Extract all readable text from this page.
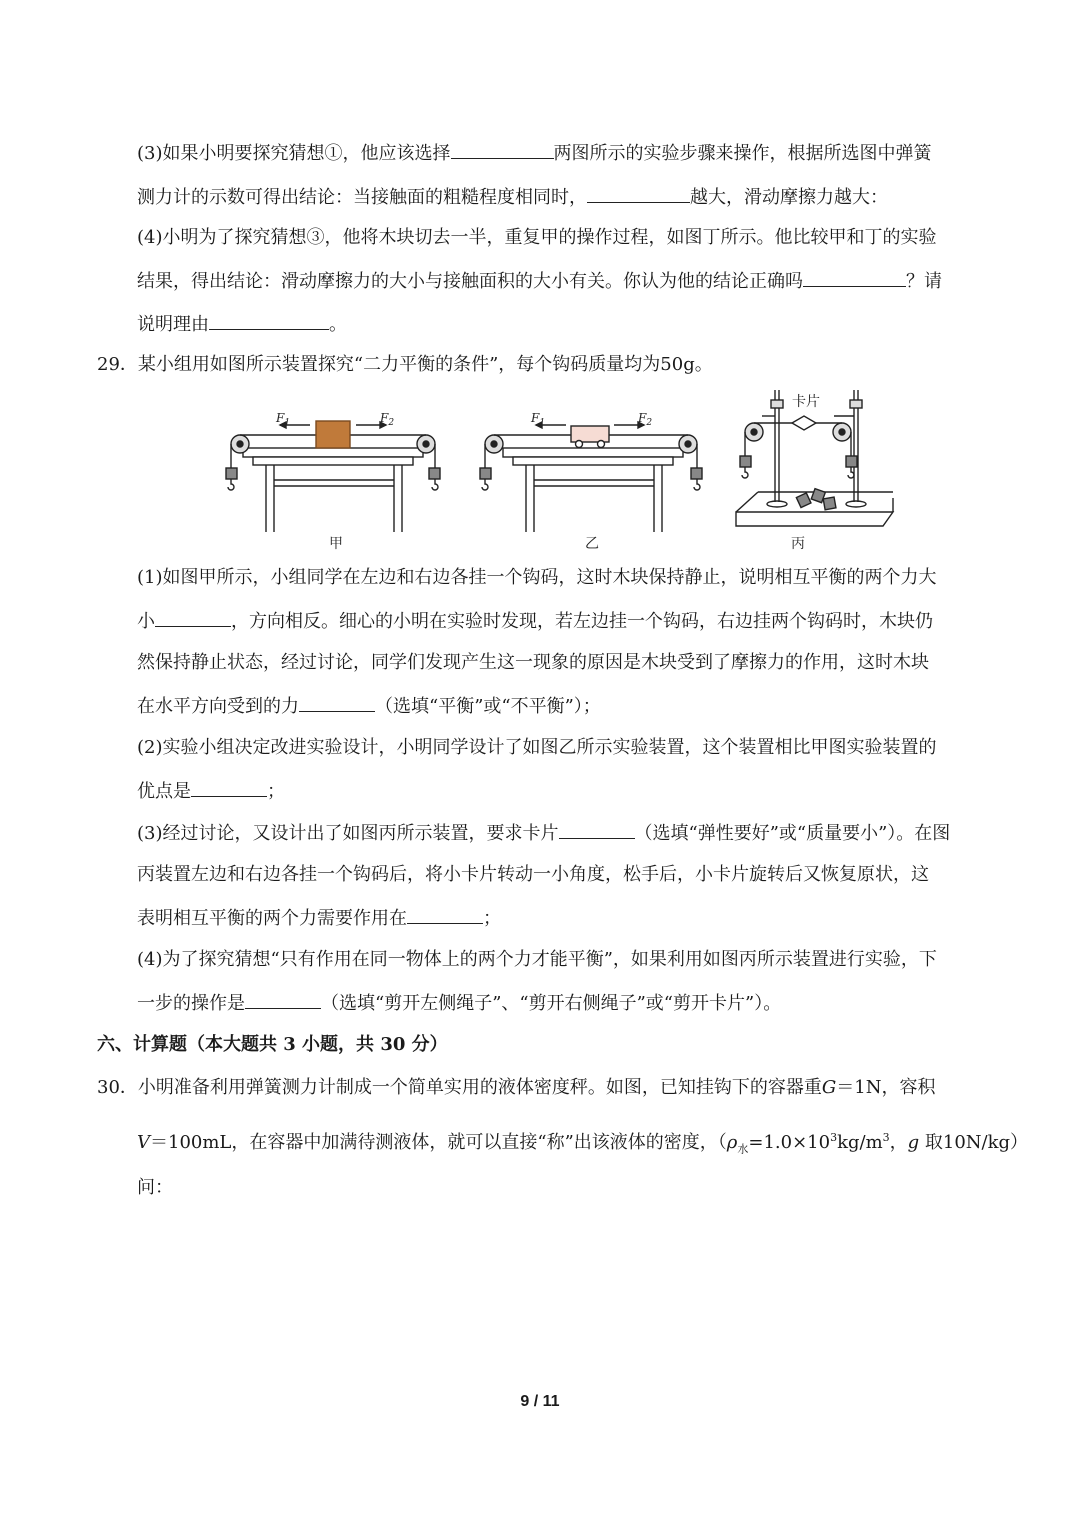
(3)如果小明要探究猜想①，他应该选择	两图所示的实验步骤来操作，根据所选图中弹簧
测力计的示数可得出结论：当接触面的粗糙程度相同时，	越大，滑动摩擦力越大：
(4)小明为了探究猜想③，他将木块切去一半，重复甲的操作过程，如图丁所示。他比较甲和丁的实验
结果，得出结论：滑动摩擦力的大小与接触面积的大小有关。你认为他的结论正确吗	？请
说明理由	。
29．某小组用如图所示装置探究“二力平衡的条件”，每个钩码质量均为50g。
$F_1$	$F_2$	$F_1$	$F_2$
卡片
甲	乙	丙
(1)如图甲所示，小组同学在左边和右边各挂一个钩码，这时木块保持静止，说明相互平衡的两个力大
小	，方向相反。细心的小明在实验时发现，若左边挂一个钩码，右边挂两个钩码时，木块仍
然保持静止状态，经过讨论，同学们发现产生这一现象的原因是木块受到了摩擦力的作用，这时木块
在水平方向受到的力	（选填“平衡”或“不平衡”）；
(2)实验小组决定改进实验设计，小明同学设计了如图乙所示实验装置，这个装置相比甲图实验装置的
优点是	；
(3)经过讨论，又设计出了如图丙所示装置，要求卡片	（选填“弹性要好”或“质量要小”）。在图
丙装置左边和右边各挂一个钩码后，将小卡片转动一小角度，松手后，小卡片旋转后又恢复原状，这
表明相互平衡的两个力需要作用在	；
(4)为了探究猜想“只有作用在同一物体上的两个力才能平衡”，如果利用如图丙所示装置进行实验，下
一步的操作是	（选填“剪开左侧绳子”、“剪开右侧绳子”或“剪开卡片”）。
六、计算题（本大题共 3 小题，共 30 分）
30．小明准备利用弹簧测力计制成一个简单实用的液体密度秤。如图，已知挂钩下的容器重G＝1N，容积
V＝100mL，在容器中加满待测液体，就可以直接“称”出该液体的密度，（$\rho_水=1.0\times 10^3kg/m^3$，g 取10N/kg）
问：
9 / 11
